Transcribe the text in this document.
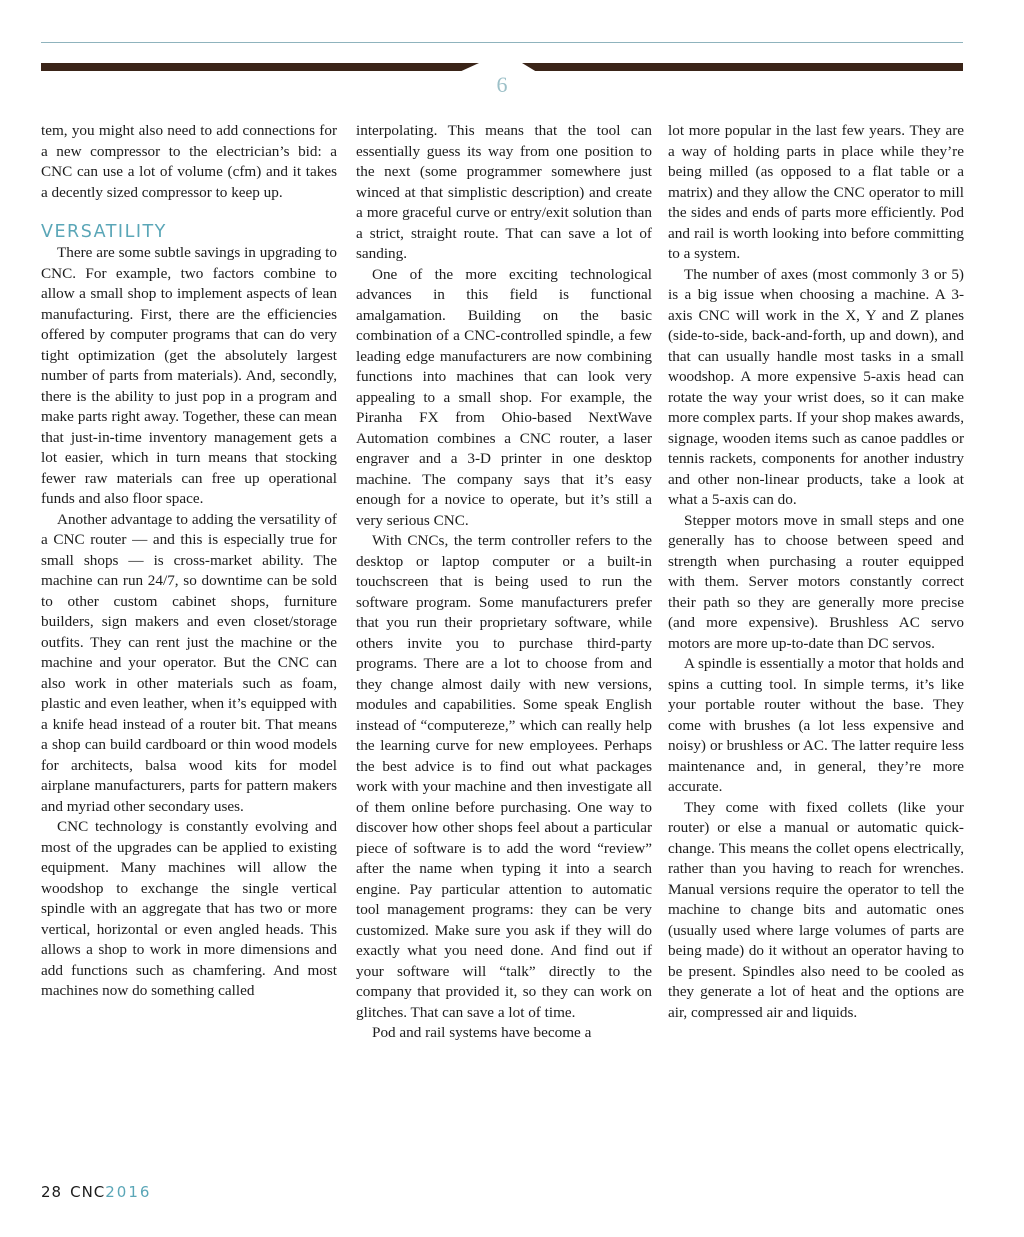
6

tem, you might also need to add connections for a new compressor to the electrician’s bid: a CNC can use a lot of volume (cfm) and it takes a decently sized compressor to keep up.

VERSATILITY

There are some subtle savings in upgrading to CNC. For example, two factors combine to allow a small shop to implement aspects of lean manufacturing. First, there are the efficiencies offered by computer programs that can do very tight optimization (get the absolutely largest number of parts from materials). And, secondly, there is the ability to just pop in a program and make parts right away. Together, these can mean that just-in-time inventory management gets a lot easier, which in turn means that stocking fewer raw materials can free up operational funds and also floor space.

Another advantage to adding the versatility of a CNC router — and this is especially true for small shops — is cross-market ability. The machine can run 24/7, so downtime can be sold to other custom cabinet shops, furniture builders, sign makers and even closet/storage outfits. They can rent just the machine or the machine and your operator. But the CNC can also work in other materials such as foam, plastic and even leather, when it’s equipped with a knife head instead of a router bit. That means a shop can build cardboard or thin wood models for architects, balsa wood kits for model airplane manufacturers, parts for pattern makers and myriad other secondary uses.

CNC technology is constantly evolving and most of the upgrades can be applied to existing equipment. Many machines will allow the woodshop to exchange the single vertical spindle with an aggregate that has two or more vertical, horizontal or even angled heads. This allows a shop to work in more dimensions and add functions such as chamfering. And most machines now do something called

interpolating. This means that the tool can essentially guess its way from one position to the next (some programmer somewhere just winced at that simplistic description) and create a more graceful curve or entry/exit solution than a strict, straight route. That can save a lot of sanding.

One of the more exciting technological advances in this field is functional amalgamation. Building on the basic combination of a CNC-controlled spindle, a few leading edge manufacturers are now combining functions into machines that can look very appealing to a small shop. For example, the Piranha FX from Ohio-based NextWave Automation combines a CNC router, a laser engraver and a 3-D printer in one desktop machine. The company says that it’s easy enough for a novice to operate, but it’s still a very serious CNC.

With CNCs, the term controller refers to the desktop or laptop computer or a built-in touchscreen that is being used to run the software program. Some manufacturers prefer that you run their proprietary software, while others invite you to purchase third-party programs. There are a lot to choose from and they change almost daily with new versions, modules and capabilities. Some speak English instead of “computereze,” which can really help the learning curve for new employees. Perhaps the best advice is to find out what packages work with your machine and then investigate all of them online before purchasing. One way to discover how other shops feel about a particular piece of software is to add the word “review” after the name when typing it into a search engine. Pay particular attention to automatic tool management programs: they can be very customized. Make sure you ask if they will do exactly what you need done. And find out if your software will “talk” directly to the company that provided it, so they can work on glitches. That can save a lot of time.

Pod and rail systems have become a

lot more popular in the last few years. They are a way of holding parts in place while they’re being milled (as opposed to a flat table or a matrix) and they allow the CNC operator to mill the sides and ends of parts more efficiently. Pod and rail is worth looking into before committing to a system.

The number of axes (most commonly 3 or 5) is a big issue when choosing a machine. A 3-axis CNC will work in the X, Y and Z planes (side-to-side, back-and-forth, up and down), and that can usually handle most tasks in a small woodshop. A more expensive 5-axis head can rotate the way your wrist does, so it can make more complex parts. If your shop makes awards, signage, wooden items such as canoe paddles or tennis rackets, components for another industry and other non-linear products, take a look at what a 5-axis can do.

Stepper motors move in small steps and one generally has to choose between speed and strength when purchasing a router equipped with them. Server motors constantly correct their path so they are generally more precise (and more expensive). Brushless AC servo motors are more up-to-date than DC servos.

A spindle is essentially a motor that holds and spins a cutting tool. In simple terms, it’s like your portable router without the base. They come with brushes (a lot less expensive and noisy) or brushless or AC. The latter require less maintenance and, in general, they’re more accurate.

They come with fixed collets (like your router) or else a manual or automatic quick-change. This means the collet opens electrically, rather than you having to reach for wrenches. Manual versions require the operator to tell the machine to change bits and automatic ones (usually used where large volumes of parts are being made) do it without an operator having to be present. Spindles also need to be cooled as they generate a lot of heat and the options are air, compressed air and liquids.

28 CNC2016
